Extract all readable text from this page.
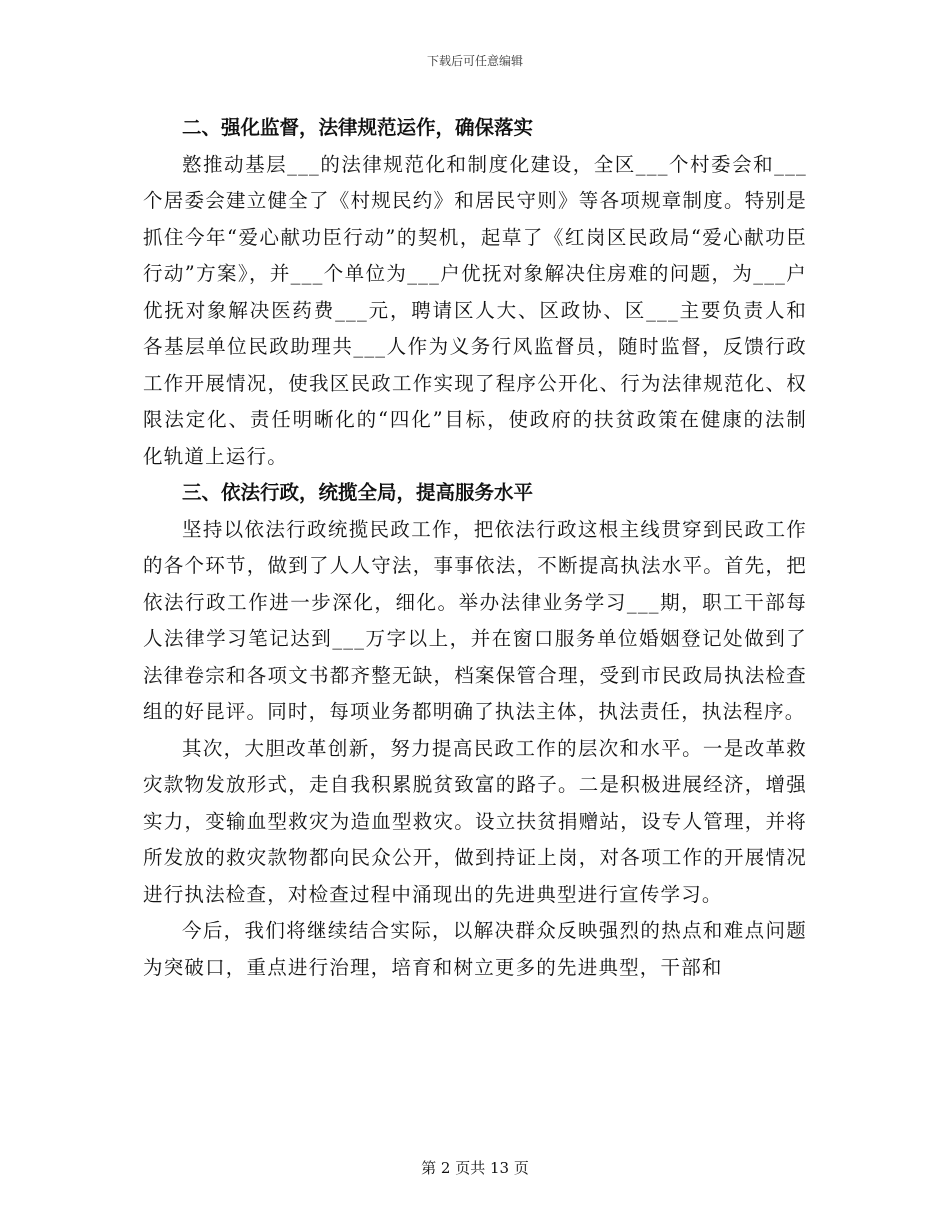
下载后可任意编辑

二、强化监督，法律规范运作，确保落实

憝推动基层___的法律规范化和制度化建设，全区___个村委会和___个居委会建立健全了《村规民约》和居民守则》等各项规章制度。特别是抓住今年“爱心献功臣行动”的契机，起草了《红岗区民政局“爱心献功臣行动”方案》，并___个单位为___户优抚对象解决住房难的问题，为___户优抚对象解决医药费___元，聘请区人大、区政协、区___主要负责人和各基层单位民政助理共___人作为义务行风监督员，随时监督，反馈行政工作开展情况，使我区民政工作实现了程序公开化、行为法律规范化、权限法定化、责任明晰化的“四化”目标，使政府的扶贫政策在健康的法制化轨道上运行。

三、依法行政，统揽全局，提高服务水平

坚持以依法行政统揽民政工作，把依法行政这根主线贯穿到民政工作的各个环节，做到了人人守法，事事依法，不断提高执法水平。首先，把依法行政工作进一步深化，细化。举办法律业务学习___期，职工干部每人法律学习笔记达到___万字以上，并在窗口服务单位婚姻登记处做到了法律卷宗和各项文书都齐整无缺，档案保管合理，受到市民政局执法检查组的好昆评。同时，每项业务都明确了执法主体，执法责任，执法程序。

其次，大胆改革创新，努力提高民政工作的层次和水平。一是改革救灾款物发放形式，走自我积累脱贫致富的路子。二是积极进展经济，增强实力，变输血型救灾为造血型救灾。设立扶贫捐赠站，设专人管理，并将所发放的救灾款物都向民众公开，做到持证上岗，对各项工作的开展情况进行执法检查，对检查过程中涌现出的先进典型进行宣传学习。

今后，我们将继续结合实际，以解决群众反映强烈的热点和难点问题为突破口，重点进行治理，培育和树立更多的先进典型，干部和

第 2 页共 13 页
